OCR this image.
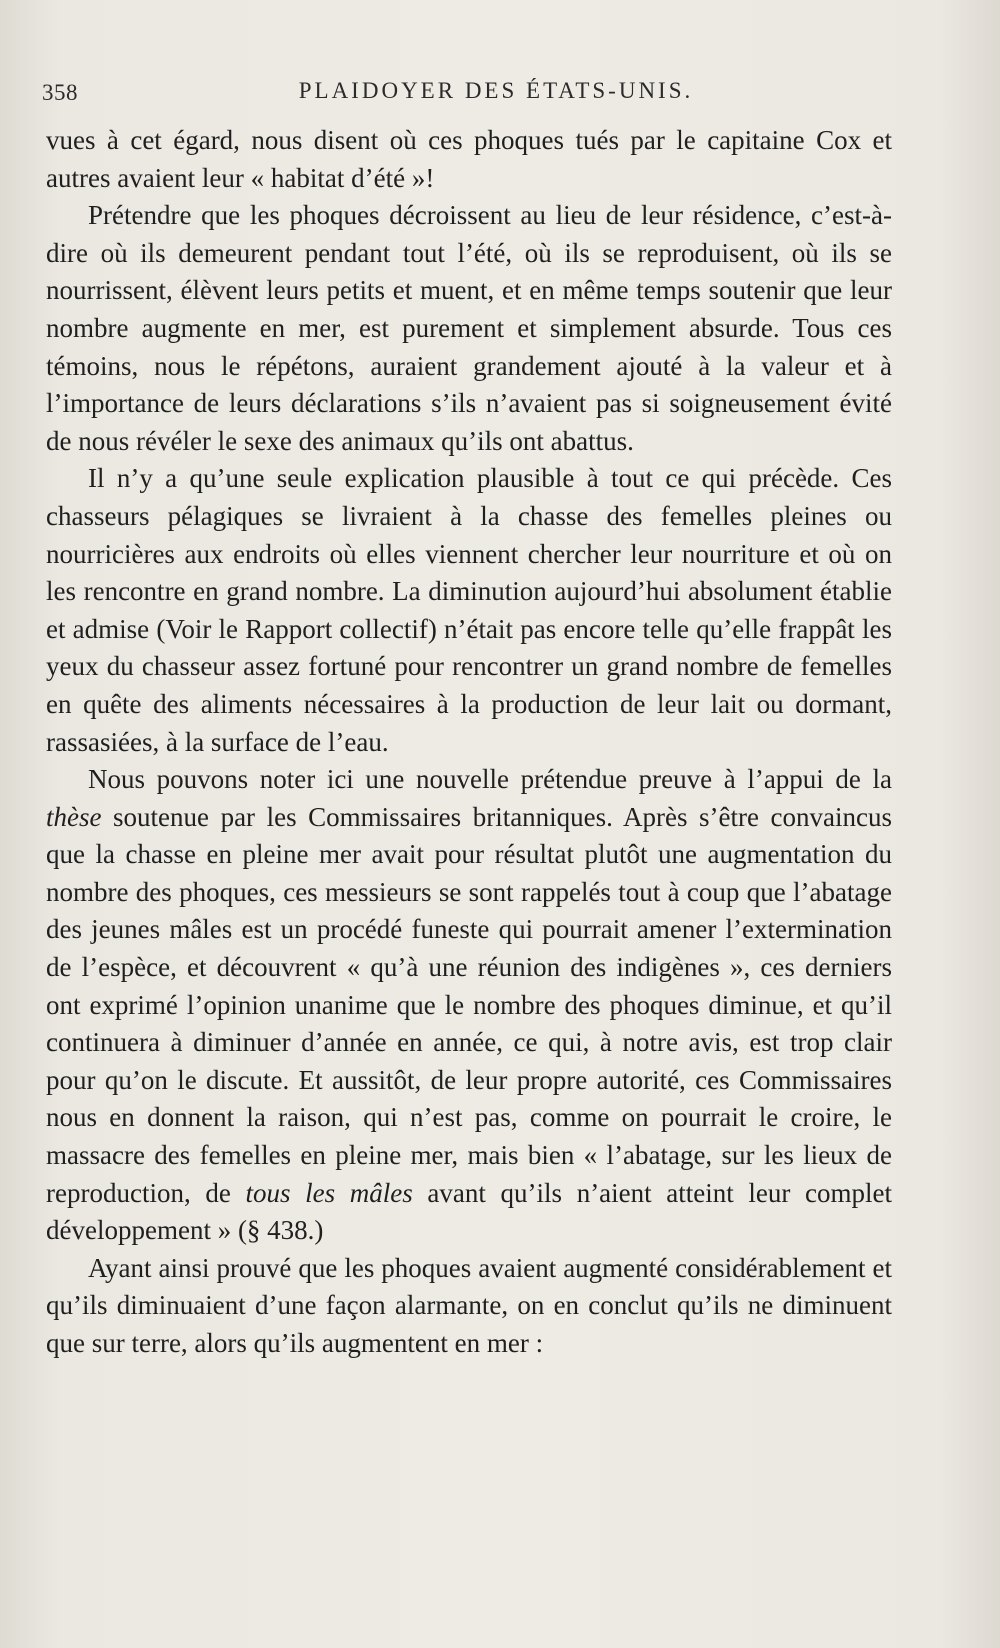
358	PLAIDOYER DES ÉTATS-UNIS.

vues à cet égard, nous disent où ces phoques tués par le capitaine Cox et autres avaient leur « habitat d’été »!

Prétendre que les phoques décroissent au lieu de leur résidence, c’est-à-dire où ils demeurent pendant tout l’été, où ils se reproduisent, où ils se nourrissent, élèvent leurs petits et muent, et en même temps soutenir que leur nombre augmente en mer, est purement et simplement absurde. Tous ces témoins, nous le répétons, auraient grandement ajouté à la valeur et à l’importance de leurs déclarations s’ils n’avaient pas si soigneusement évité de nous révéler le sexe des animaux qu’ils ont abattus.

Il n’y a qu’une seule explication plausible à tout ce qui précède. Ces chasseurs pélagiques se livraient à la chasse des femelles pleines ou nourricières aux endroits où elles viennent chercher leur nourriture et où on les rencontre en grand nombre. La diminution aujourd’hui absolument établie et admise (Voir le Rapport collectif) n’était pas encore telle qu’elle frappât les yeux du chasseur assez fortuné pour rencontrer un grand nombre de femelles en quête des aliments nécessaires à la production de leur lait ou dormant, rassasiées, à la surface de l’eau.

Nous pouvons noter ici une nouvelle prétendue preuve à l’appui de la thèse soutenue par les Commissaires britanniques. Après s’être convaincus que la chasse en pleine mer avait pour résultat plutôt une augmentation du nombre des phoques, ces messieurs se sont rappelés tout à coup que l’abatage des jeunes mâles est un procédé funeste qui pourrait amener l’extermination de l’espèce, et découvrent « qu’à une réunion des indigènes », ces derniers ont exprimé l’opinion unanime que le nombre des phoques diminue, et qu’il continuera à diminuer d’année en année, ce qui, à notre avis, est trop clair pour qu’on le discute. Et aussitôt, de leur propre autorité, ces Commissaires nous en donnent la raison, qui n’est pas, comme on pourrait le croire, le massacre des femelles en pleine mer, mais bien « l’abatage, sur les lieux de reproduction, de tous les mâles avant qu’ils n’aient atteint leur complet développement » (§ 438.)

Ayant ainsi prouvé que les phoques avaient augmenté considérablement et qu’ils diminuaient d’une façon alarmante, on en conclut qu’ils ne diminuent que sur terre, alors qu’ils augmentent en mer :
